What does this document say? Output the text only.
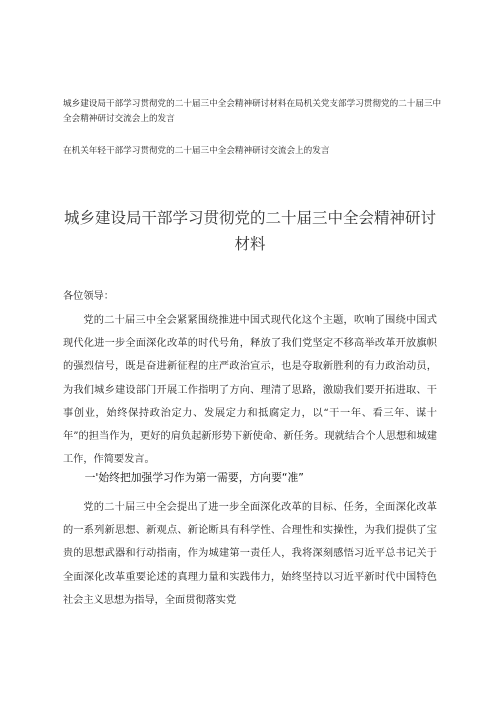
城乡建设局干部学习贯彻党的二十届三中全会精神研讨材料在局机关党支部学习贯彻党的二十届三中全会精神研讨交流会上的发言
在机关年轻干部学习贯彻党的二十届三中全会精神研讨交流会上的发言
城乡建设局干部学习贯彻党的二十届三中全会精神研讨
材料
各位领导：
党的二十届三中全会紧紧围绕推进中国式现代化这个主题，吹响了围绕中国式现代化进一步全面深化改革的时代号角，释放了我们党坚定不移高举改革开放旗帜的强烈信号，既是奋进新征程的庄严政治宣示，也是夺取新胜利的有力政治动员，为我们城乡建设部门开展工作指明了方向、理清了思路，激励我们要开拓进取、干事创业，始终保持政治定力、发展定力和抵腐定力，以“干一年、看三年、谋十年”的担当作为，更好的肩负起新形势下新使命、新任务。现就结合个人思想和城建工作，作简要发言。
一'始终把加强学习作为第一需要，方向要“准”
党的二十届三中全会提出了进一步全面深化改革的目标、任务，全面深化改革的一系列新思想、新观点、新论断具有科学性、合理性和实操性，为我们提供了宝贵的思想武器和行动指南，作为城建第一责任人，我将深刻感悟习近平总书记关于全面深化改革重要论述的真理力量和实践伟力，始终坚持以习近平新时代中国特色社会主义思想为指导，全面贯彻落实党
